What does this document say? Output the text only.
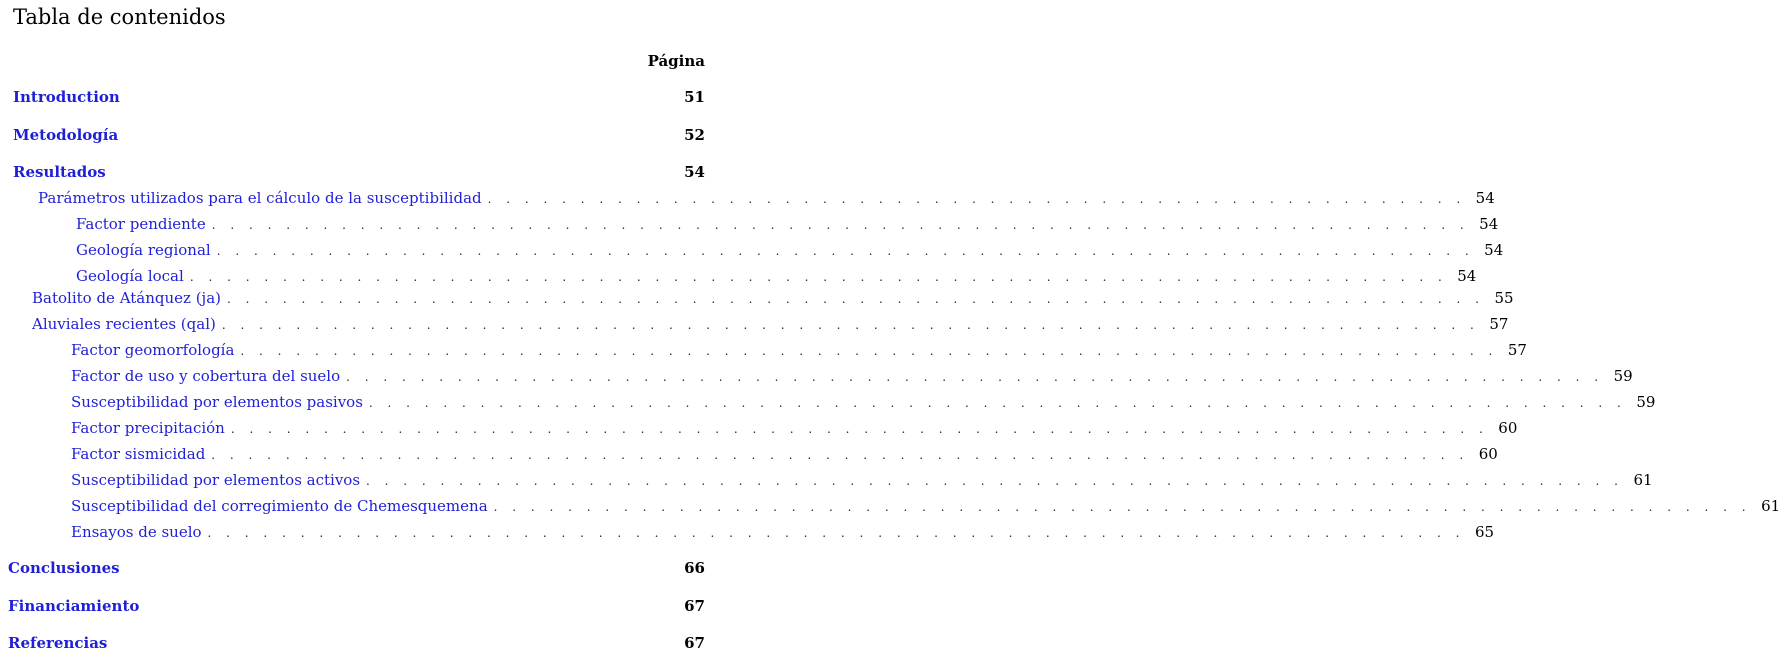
Tabla de contenidos
Página
Introduction	51
Metodología	52
Resultados	54
Parámetros utilizados para el cálculo de la susceptibilidad . . . . . . . . . . . . . . . . . . . . . . . . . . . . . . . . . . . . . . . . . . . . . . . . . . . . . 54
Factor pendiente . . . . . . . . . . . . . . . . . . . . . . . . . . . . . . . . . . . . . . . . . . . . . . . . . . . . . . . . . . . . . . . . . . . . 54
Geología regional . . . . . . . . . . . . . . . . . . . . . . . . . . . . . . . . . . . . . . . . . . . . . . . . . . . . . . . . . . . . . . . . . . . . 54
Geología local . . . . . . . . . . . . . . . . . . . . . . . . . . . . . . . . . . . . . . . . . . . . . . . . . . . . . . . . . . . . . . . . . . . . 54
Batolito de Atánquez (ja) . . . . . . . . . . . . . . . . . . . . . . . . . . . . . . . . . . . . . . . . . . . . . . . . . . . . . . . . . . . . . . . . . . . . 55
Aluviales recientes (qal) . . . . . . . . . . . . . . . . . . . . . . . . . . . . . . . . . . . . . . . . . . . . . . . . . . . . . . . . . . . . . . . . . . . . 57
Factor geomorfología . . . . . . . . . . . . . . . . . . . . . . . . . . . . . . . . . . . . . . . . . . . . . . . . . . . . . . . . . . . . . . . . . . . . 57
Factor de uso y cobertura del suelo . . . . . . . . . . . . . . . . . . . . . . . . . . . . . . . . . . . . . . . . . . . . . . . . . . . . . . . . . . . . . . . . . . . . 59
Susceptibilidad por elementos pasivos . . . . . . . . . . . . . . . . . . . . . . . . . . . . . . . . . . . . . . . . . . . . . . . . . . . . . . . . . . . . . . . . . . . . 59
Factor precipitación . . . . . . . . . . . . . . . . . . . . . . . . . . . . . . . . . . . . . . . . . . . . . . . . . . . . . . . . . . . . . . . . . . . . 60
Factor sismicidad . . . . . . . . . . . . . . . . . . . . . . . . . . . . . . . . . . . . . . . . . . . . . . . . . . . . . . . . . . . . . . . . . . . . 60
Susceptibilidad por elementos activos . . . . . . . . . . . . . . . . . . . . . . . . . . . . . . . . . . . . . . . . . . . . . . . . . . . . . . . . . . . . . . . . . . . . 61
Susceptibilidad del corregimiento de Chemesquemena . . . . . . . . . . . . . . . . . . . . . . . . . . . . . . . . . . . . . . . . . . . . . . . . . . . . . . . . . . . . . . . . . . . . 61
Ensayos de suelo . . . . . . . . . . . . . . . . . . . . . . . . . . . . . . . . . . . . . . . . . . . . . . . . . . . . . . . . . . . . . . . . . . . . 65
Conclusiones	66
Financiamiento	67
Referencias	67
